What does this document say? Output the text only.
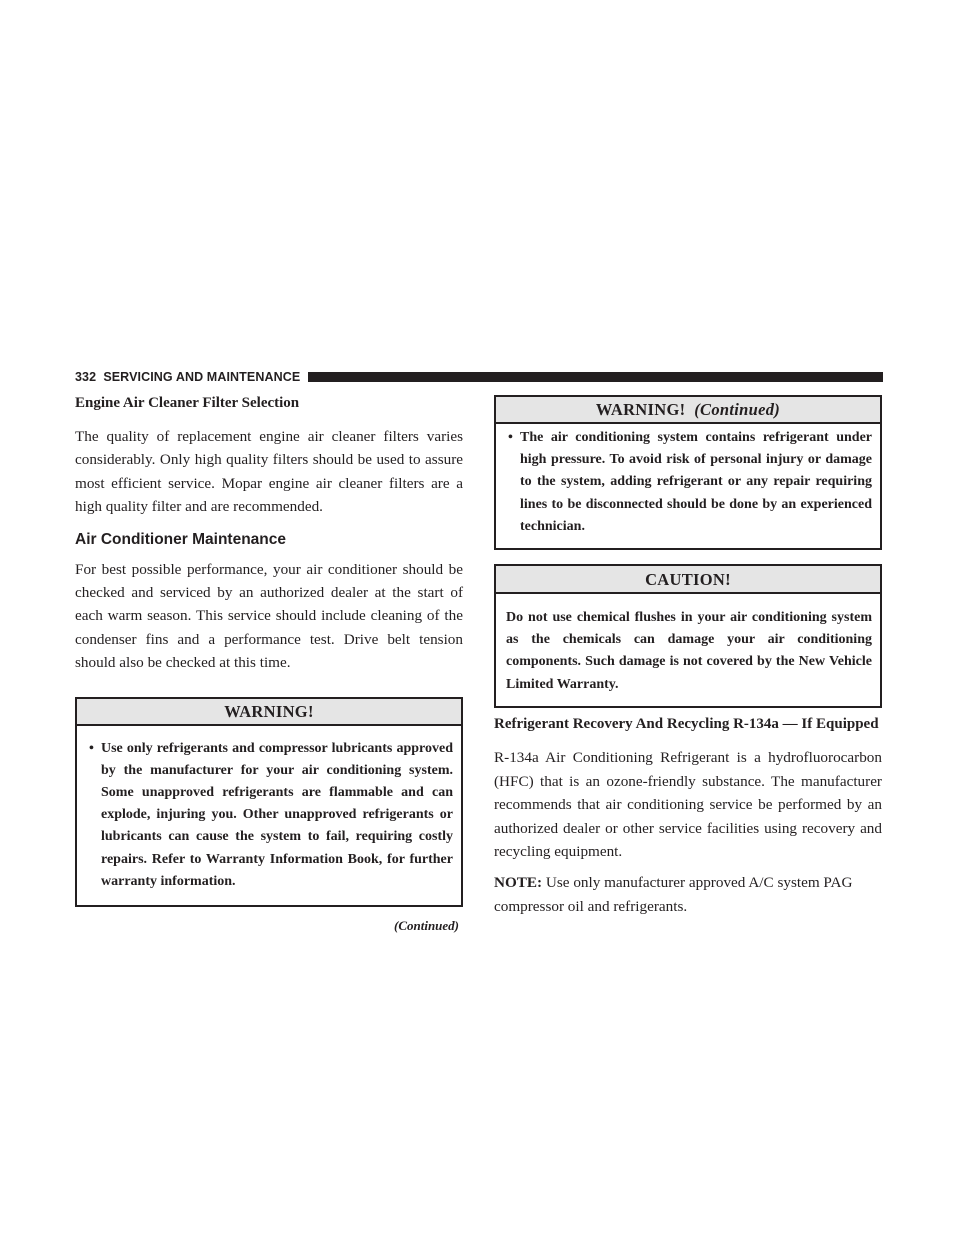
332 SERVICING AND MAINTENANCE
Engine Air Cleaner Filter Selection

The quality of replacement engine air cleaner filters varies considerably. Only high quality filters should be used to assure most efficient service. Mopar engine air cleaner filters are a high quality filter and are recommended.

Air Conditioner Maintenance

For best possible performance, your air conditioner should be checked and serviced by an authorized dealer at the start of each warm season. This service should include cleaning of the condenser fins and a performance test. Drive belt tension should also be checked at this time.

WARNING!
• Use only refrigerants and compressor lubricants approved by the manufacturer for your air conditioning system. Some unapproved refrigerants are flammable and can explode, injuring you. Other unapproved refrigerants or lubricants can cause the system to fail, requiring costly repairs. Refer to Warranty Information Book, for further warranty information.
(Continued)
WARNING! (Continued)
• The air conditioning system contains refrigerant under high pressure. To avoid risk of personal injury or damage to the system, adding refrigerant or any repair requiring lines to be disconnected should be done by an experienced technician.
CAUTION!
Do not use chemical flushes in your air conditioning system as the chemicals can damage your air conditioning components. Such damage is not covered by the New Vehicle Limited Warranty.
Refrigerant Recovery And Recycling R-134a — If Equipped

R-134a Air Conditioning Refrigerant is a hydrofluorocarbon (HFC) that is an ozone-friendly substance. The manufacturer recommends that air conditioning service be performed by an authorized dealer or other service facilities using recovery and recycling equipment.

NOTE: Use only manufacturer approved A/C system PAG compressor oil and refrigerants.
